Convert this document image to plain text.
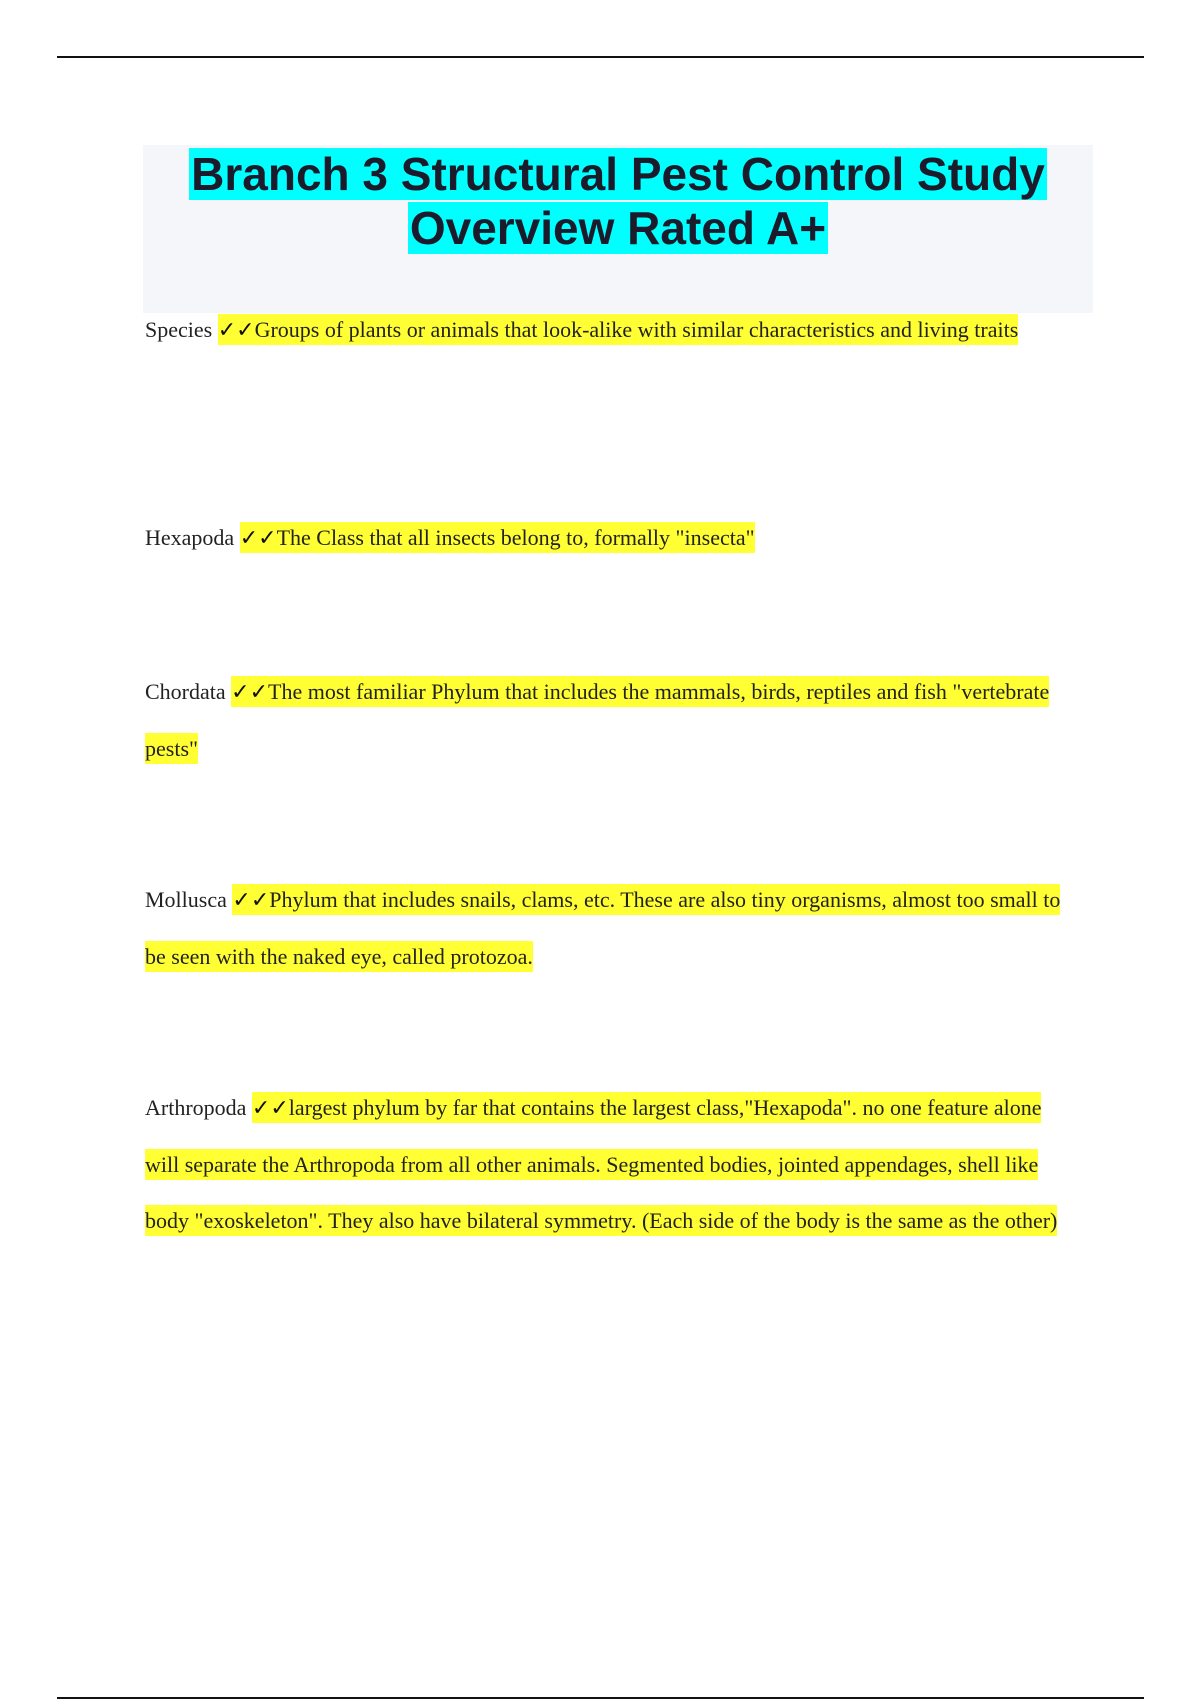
Branch 3 Structural Pest Control Study Overview Rated A+

Species ✓✓Groups of plants or animals that look-alike with similar characteristics and living traits

Hexapoda ✓✓The Class that all insects belong to, formally "insecta"

Chordata ✓✓The most familiar Phylum that includes the mammals, birds, reptiles and fish "vertebrate pests"

Mollusca ✓✓Phylum that includes snails, clams, etc. These are also tiny organisms, almost too small to be seen with the naked eye, called protozoa.

Arthropoda ✓✓largest phylum by far that contains the largest class,"Hexapoda". no one feature alone will separate the Arthropoda from all other animals. Segmented bodies, jointed appendages, shell like body "exoskeleton". They also have bilateral symmetry. (Each side of the body is the same as the other)
